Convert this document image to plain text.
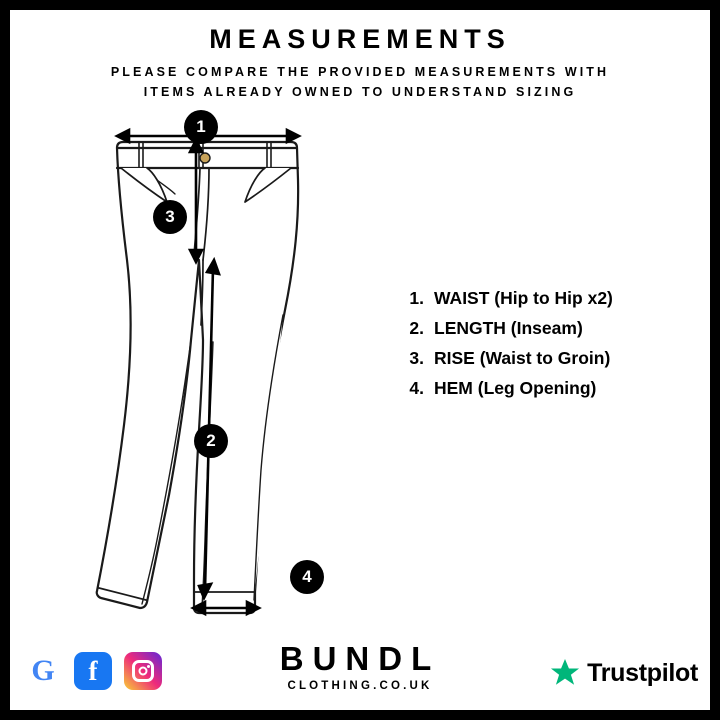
MEASUREMENTS
PLEASE COMPARE THE PROVIDED MEASUREMENTS WITH
ITEMS ALREADY OWNED TO UNDERSTAND SIZING
1
3
2
4
1. WAIST (Hip to Hip x2)
2. LENGTH (Inseam)
3. RISE (Waist to Groin)
4. HEM (Leg Opening)
G	f	BUNDL
CLOTHING.CO.UK	Trustpilot
